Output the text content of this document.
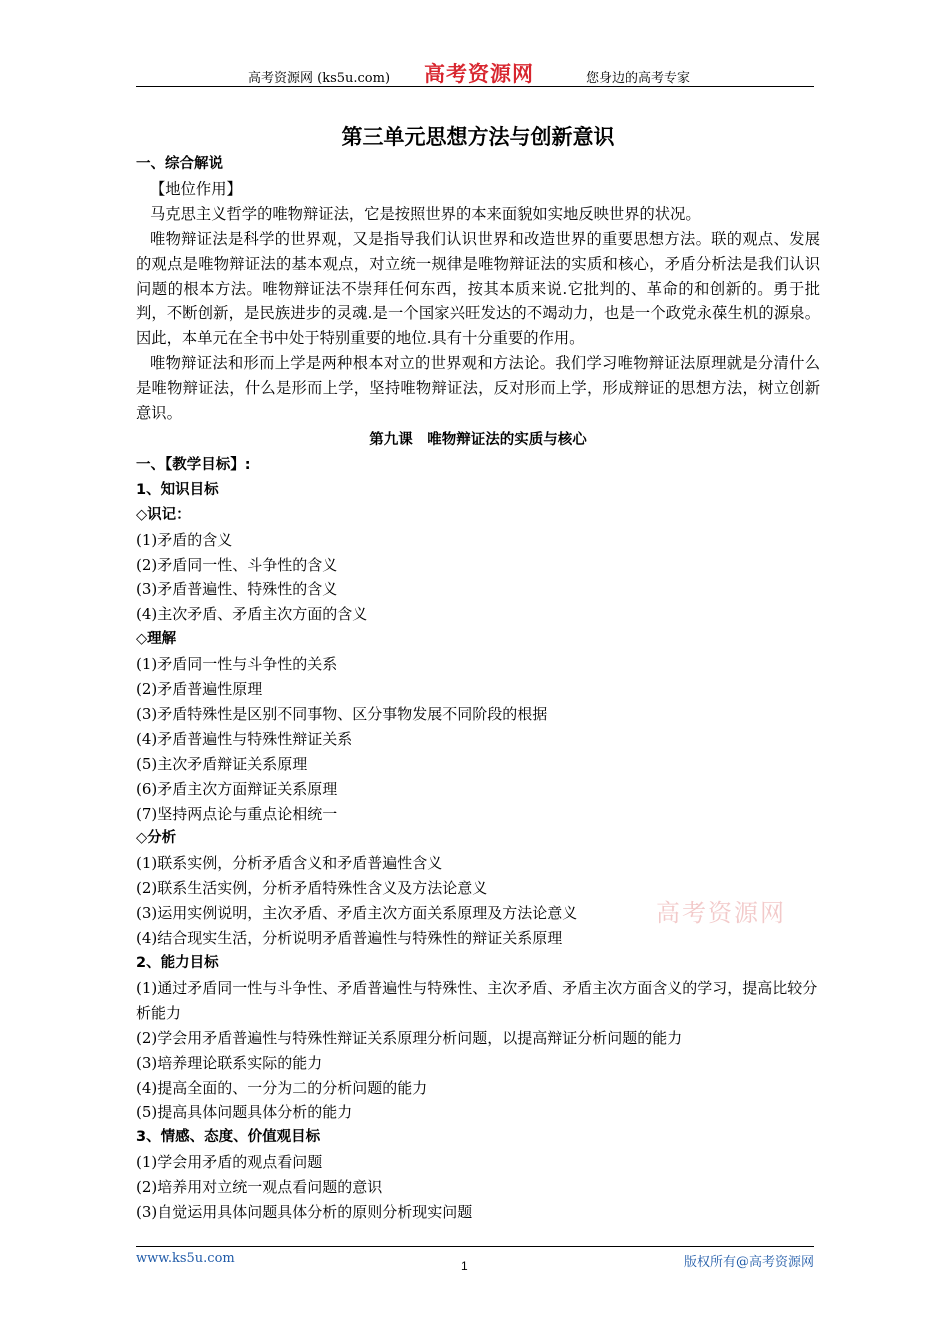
高考资源网 (ks5u.com) 高考资源网	您身边的高考专家

第三单元思想方法与创新意识

一、综合解说

【地位作用】

马克思主义哲学的唯物辩证法，它是按照世界的本来面貌如实地反映世界的状况。

唯物辩证法是科学的世界观，又是指导我们认识世界和改造世界的重要思想方法。联的观点、发展的观点是唯物辩证法的基本观点，对立统一规律是唯物辩证法的实质和核心，矛盾分析法是我们认识问题的根本方法。唯物辩证法不崇拜任何东西，按其本质来说.它批判的、革命的和创新的。勇于批判，不断创新，是民族进步的灵魂.是一个国家兴旺发达的不竭动力，也是一个政党永葆生机的源泉。因此，本单元在全书中处于特别重要的地位.具有十分重要的作用。

唯物辩证法和形而上学是两种根本对立的世界观和方法论。我们学习唯物辩证法原理就是分清什么是唯物辩证法，什么是形而上学，坚持唯物辩证法，反对形而上学，形成辩证的思想方法，树立创新意识。

第九课　唯物辩证法的实质与核心

一、【教学目标】:

1、知识目标

◇识记：

(1)矛盾的含义

(2)矛盾同一性、斗争性的含义

(3)矛盾普遍性、特殊性的含义

(4)主次矛盾、矛盾主次方面的含义

◇理解

(1)矛盾同一性与斗争性的关系

(2)矛盾普遍性原理

(3)矛盾特殊性是区别不同事物、区分事物发展不同阶段的根据

(4)矛盾普遍性与特殊性辩证关系

(5)主次矛盾辩证关系原理

(6)矛盾主次方面辩证关系原理

(7)坚持两点论与重点论相统一

◇分析

(1)联系实例，分析矛盾含义和矛盾普遍性含义

(2)联系生活实例，分析矛盾特殊性含义及方法论意义

(3)运用实例说明，主次矛盾、矛盾主次方面关系原理及方法论意义

(4)结合现实生活，分析说明矛盾普遍性与特殊性的辩证关系原理

2、能力目标

(1)通过矛盾同一性与斗争性、矛盾普遍性与特殊性、主次矛盾、矛盾主次方面含义的学习，提高比较分析能力

(2)学会用矛盾普遍性与特殊性辩证关系原理分析问题，以提高辩证分析问题的能力

(3)培养理论联系实际的能力

(4)提高全面的、一分为二的分析问题的能力

(5)提高具体问题具体分析的能力

3、情感、态度、价值观目标

(1)学会用矛盾的观点看问题

(2)培养用对立统一观点看问题的意识

(3)自觉运用具体问题具体分析的原则分析现实问题

高考资源网
www.ks5u.com	1	版权所有@高考资源网
